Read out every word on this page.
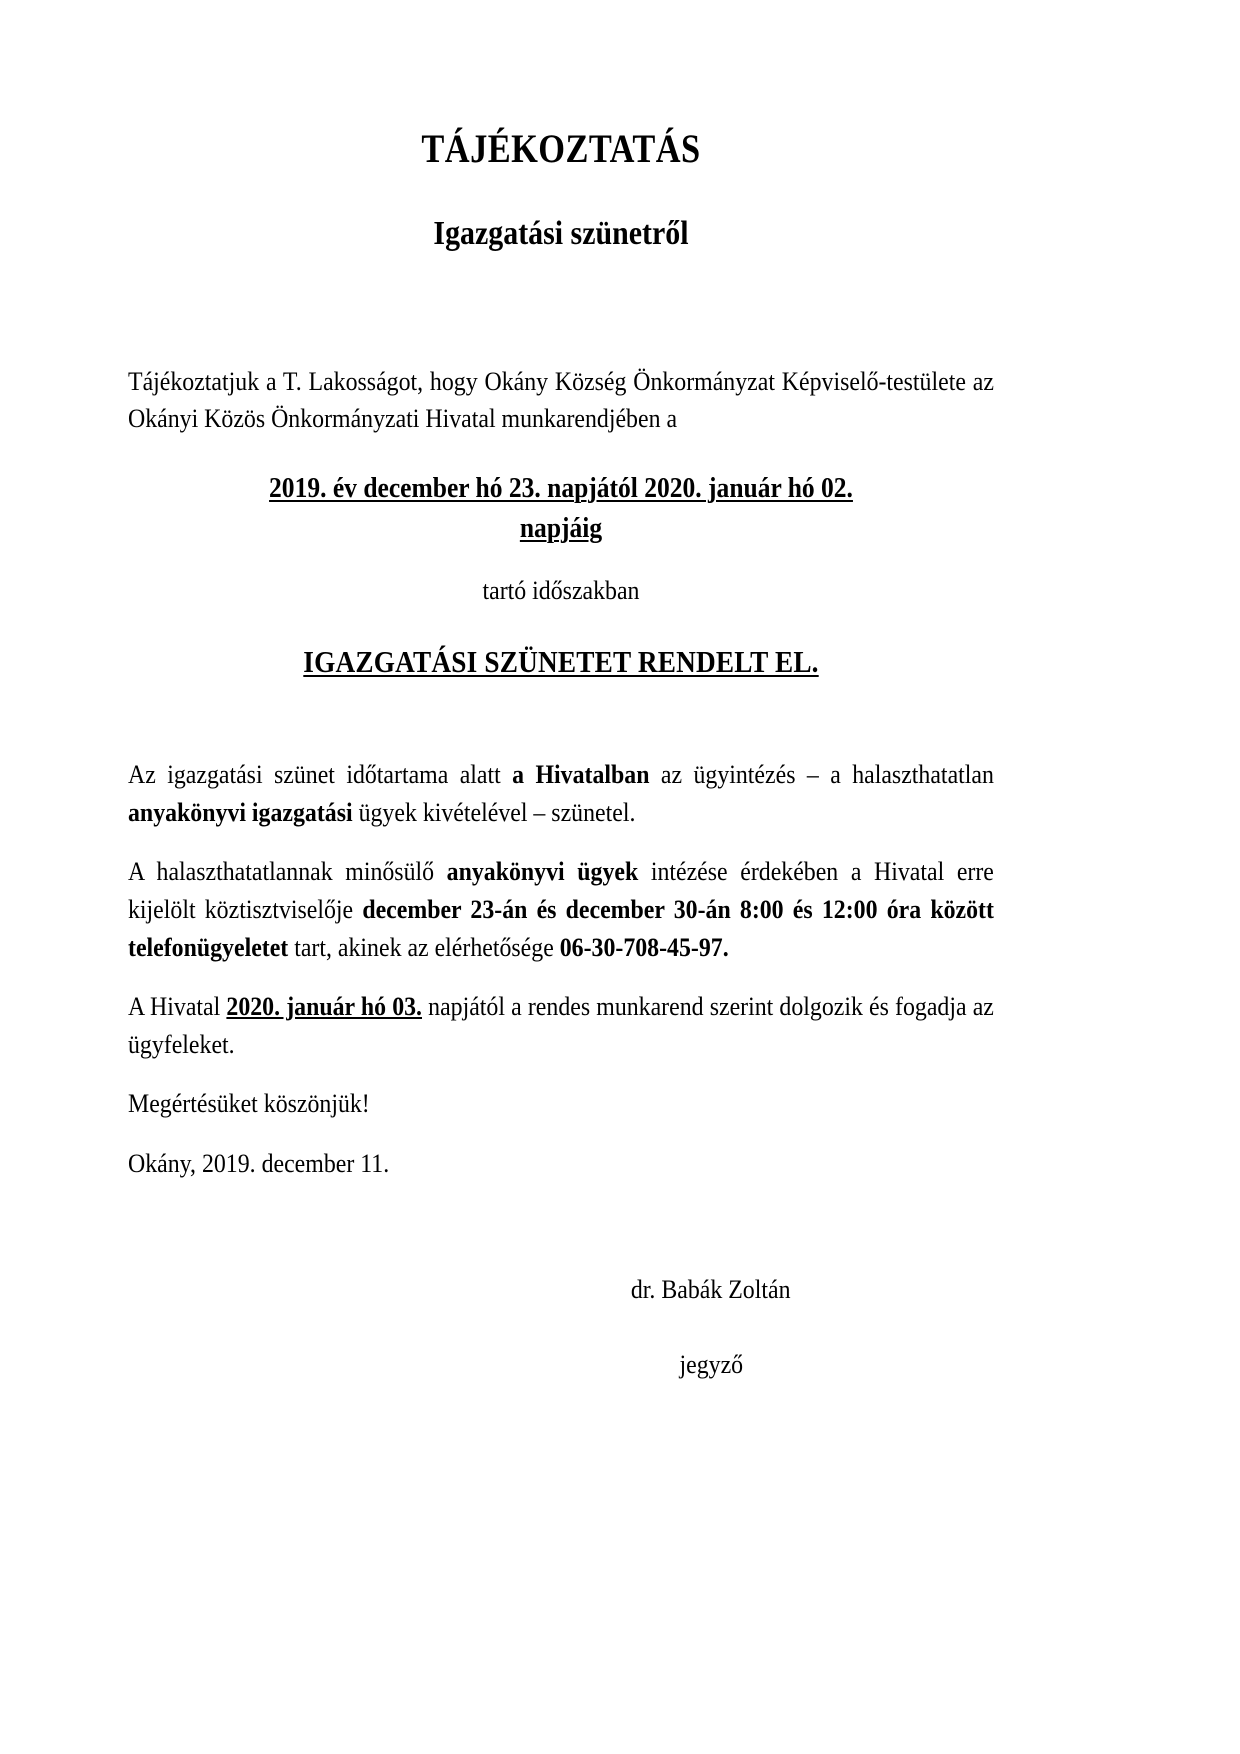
TÁJÉKOZTATÁS
Igazgatási szünetről

Tájékoztatjuk a T. Lakosságot, hogy Okány Község Önkormányzat Képviselő-testülete az Okányi Közös Önkormányzati Hivatal munkarendjében a

2019. év december hó 23. napjától 2020. január hó 02.
napjáig

tartó időszakban

IGAZGATÁSI SZÜNETET RENDELT EL.

Az igazgatási szünet időtartama alatt a Hivatalban az ügyintézés – a halaszthatatlan anyakönyvi igazgatási ügyek kivételével – szünetel.

A halaszthatatlannak minősülő anyakönyvi ügyek intézése érdekében a Hivatal erre kijelölt köztisztviselője december 23-án és december 30-án 8:00 és 12:00 óra között telefonügyeletet tart, akinek az elérhetősége 06-30-708-45-97.

A Hivatal 2020. január hó 03. napjától a rendes munkarend szerint dolgozik és fogadja az ügyfeleket.

Megértésüket köszönjük!

Okány, 2019. december 11.

dr. Babák Zoltán
jegyző
